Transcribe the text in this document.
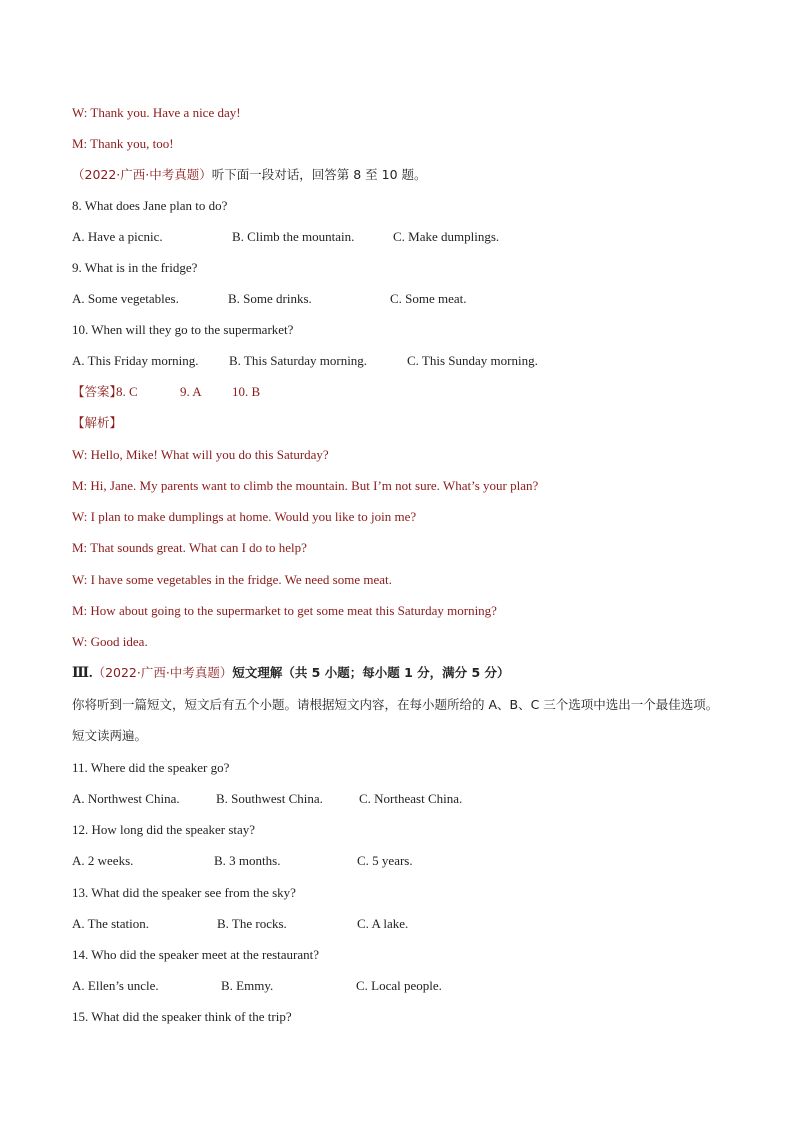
W: Thank you. Have a nice day!
M: Thank you, too!
（2022·广西·中考真题）听下面一段对话，回答第 8 至 10 题。
8. What does Jane plan to do?
A. Have a picnic.	B. Climb the mountain.	C. Make dumplings.
9. What is in the fridge?
A. Some vegetables.	B. Some drinks.	C. Some meat.
10. When will they go to the supermarket?
A. This Friday morning. B. This Saturday morning.	C. This Sunday morning.
【答案】
8. C	9. A 10. B
【解析】
W: Hello, Mike! What will you do this Saturday?
M: Hi, Jane. My parents want to climb the mountain. But I’m not sure. What’s your plan?
W: I plan to make dumplings at home. Would you like to join me?
M: That sounds great. What can I do to help?
W: I have some vegetables in the fridge. We need some meat.
M: How about going to the supermarket to get some meat this Saturday morning?
W: Good idea.
Ⅲ.（2022·广西·中考真题）短文理解（共 5 小题；每小题 1 分，满分 5 分）
你将听到一篇短文，短文后有五个小题。请根据短文内容，在每小题所给的 A、B、C 三个选项中选出一个最佳选项。短文读两遍。
11. Where did the speaker go?
A. Northwest China.	B. Southwest China.	C. Northeast China.
12. How long did the speaker stay?
A. 2 weeks.	B. 3 months.	C. 5 years.
13. What did the speaker see from the sky?
A. The station.	B. The rocks.	C. A lake.
14. Who did the speaker meet at the restaurant?
A. Ellen’s uncle.	B. Emmy.	C. Local people.
15. What did the speaker think of the trip?
